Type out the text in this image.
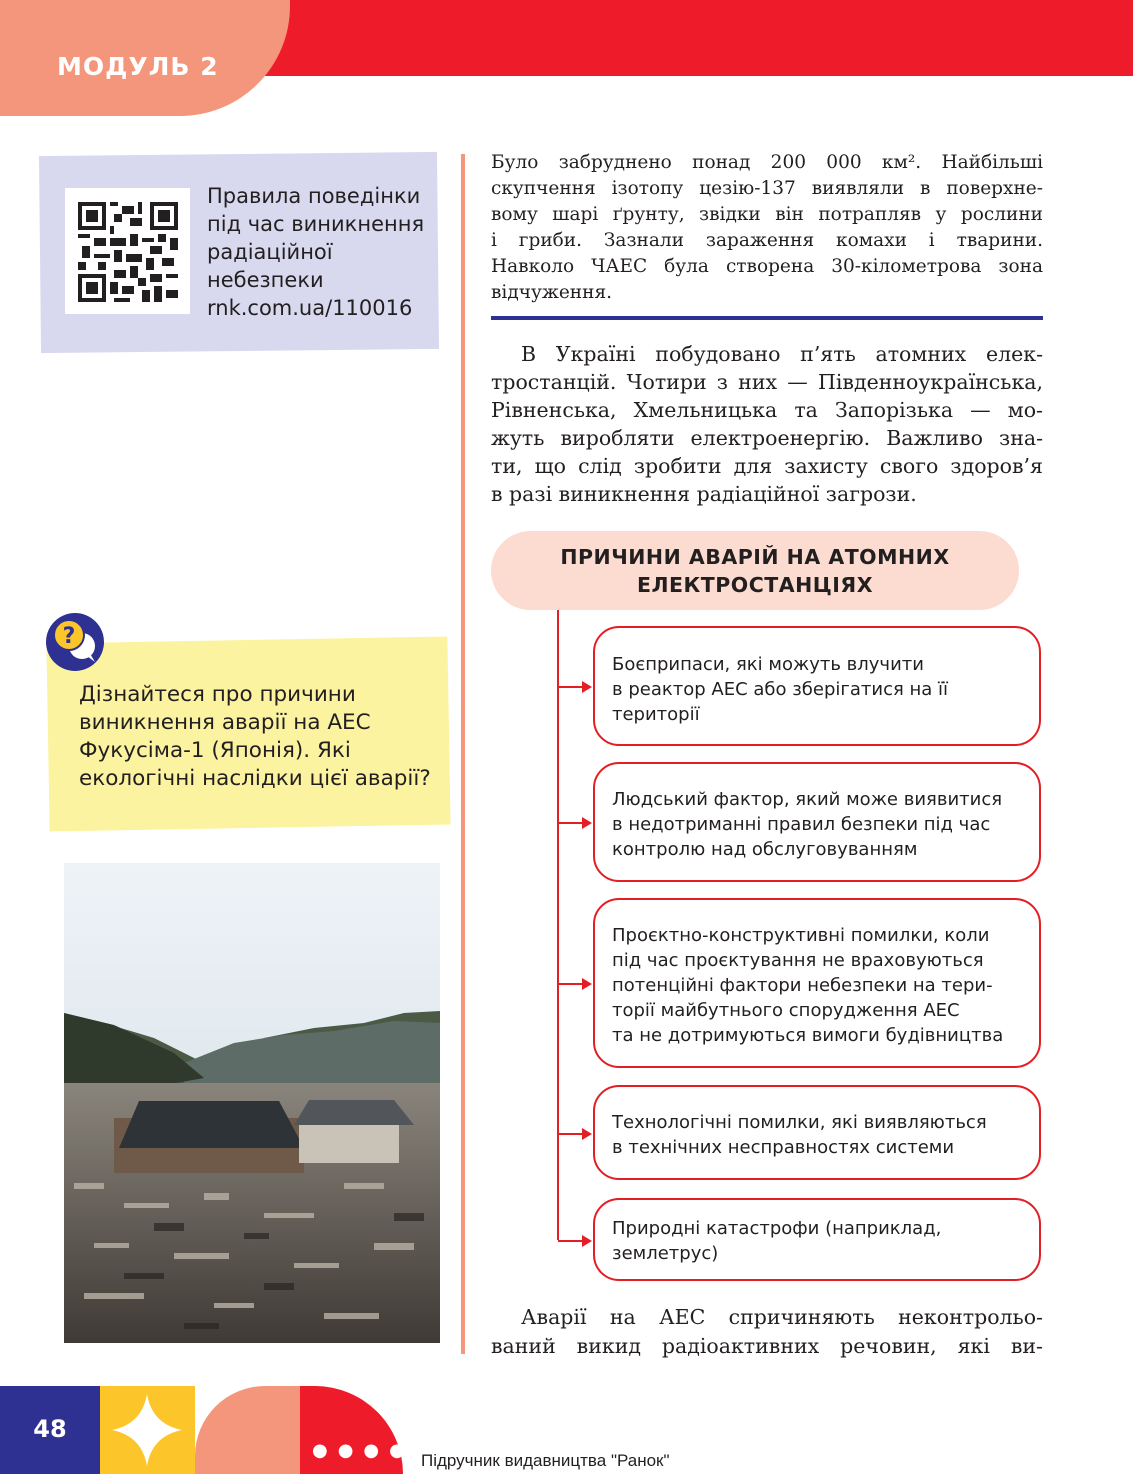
МОДУЛЬ 2
Правила поведінки
під час виникнення
радіаційної
небезпеки
rnk.com.ua/110016
?
Дізнайтеся про причини
виникнення аварії на АЕС
Фукусіма-1 (Японія). Які
екологічні наслідки цієї аварії?
Було забруднено понад 200 000 км². Найбільші
скупчення ізотопу цезію-137 виявляли в поверхне-
вому шарі ґрунту, звідки він потрапляв у рослини
і гриби. Зазнали зараження комахи і тварини.
Навколо ЧАЕС була створена 30-кілометрова зона
відчуження.
В Україні побудовано п’ять атомних елек-
тростанцій. Чотири з них — Південноукраїнська,
Рівненська, Хмельницька та Запорізька — мо-
жуть виробляти електроенергію. Важливо зна-
ти, що слід зробити для захисту свого здоров’я
в разі виникнення радіаційної загрози.
ПРИЧИНИ АВАРІЙ НА АТОМНИХ
ЕЛЕКТРОСТАНЦІЯХ
Боєприпаси, які можуть влучити
в реактор АЕС або зберігатися на її
території
Людський фактор, який може виявитися
в недотриманні правил безпеки під час
контролю над обслуговуванням
Проєктно-конструктивні помилки, коли
під час проєктування не враховуються
потенційні фактори небезпеки на тери-
торії майбутнього спорудження АЕС
та не дотримуються вимоги будівництва
Технологічні помилки, які виявляються
в технічних несправностях системи
Природні катастрофи (наприклад,
землетрус)
Аварії на АЕС спричиняють неконтрольо-
ваний викид радіоактивних речовин, які ви-
48
●●●● Підручник видавництва "Ранок"
